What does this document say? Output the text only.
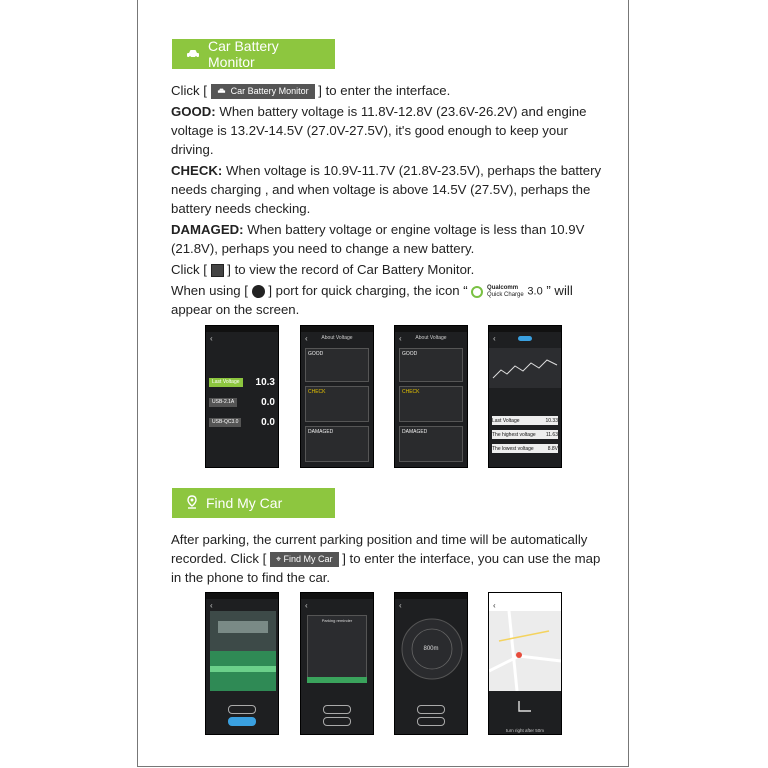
Car Battery Monitor
Click [	Car Battery Monitor ] to enter the interface.
GOOD: When battery voltage is 11.8V-12.8V (23.6V-26.2V) and engine voltage is 13.2V-14.5V (27.0V-27.5V), it's good enough to keep your driving.
CHECK: When voltage is 10.9V-11.7V (21.8V-23.5V), perhaps the battery needs charging , and when voltage is above 14.5V (27.5V), perhaps the battery needs checking.
DAMAGED: When battery voltage or engine voltage is less than 10.9V (21.8V), perhaps you need to change a new battery.
Click [ ] to view the record of Car Battery Monitor.
When using [ ] port for quick charging, the icon “	Qualcomm
Quick Charge 3.0 ” will appear on the screen.
‹
Last Voltage	10.3
USB-2.1A	0.0
USB-QC3.0	0.0
‹	About Voltage
GOOD
CHECK
DAMAGED
‹	About Voltage
GOOD
CHECK
DAMAGED
‹
Last Voltage	10.33
The highest voltage 11.63
The lowest voltage	8.8V
Find My Car
After parking, the current parking position and time will be automatically recorded. Click [ ⌖ Find My Car ] to enter the interface, you can use the map in the phone to find the car.
‹	‹
Parking reminder
‹
800m
‹
turn right after 50m
